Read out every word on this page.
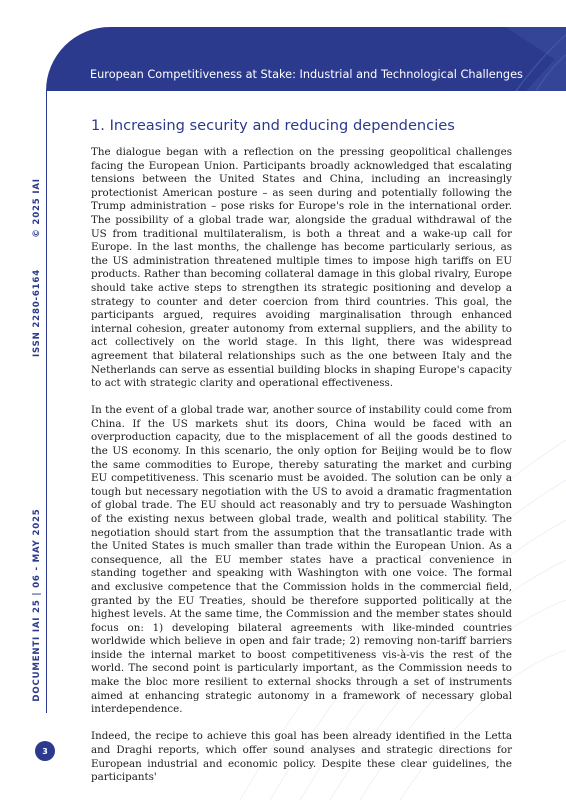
European Competitiveness at Stake: Industrial and Technological Challenges
© 2025 IAI
ISSN 2280-6164
DOCUMENTI IAI 25 | 06 - MAY 2025
3
1. Increasing security and reducing dependencies

The dialogue began with a reflection on the pressing geopolitical challenges facing the European Union. Participants broadly acknowledged that escalating tensions between the United States and China, including an increasingly protectionist American posture – as seen during and potentially following the Trump administration – pose risks for Europe's role in the international order. The possibility of a global trade war, alongside the gradual withdrawal of the US from traditional multilateralism, is both a threat and a wake-up call for Europe. In the last months, the challenge has become particularly serious, as the US administration threatened multiple times to impose high tariffs on EU products. Rather than becoming collateral damage in this global rivalry, Europe should take active steps to strengthen its strategic positioning and develop a strategy to counter and deter coercion from third countries. This goal, the participants argued, requires avoiding marginalisation through enhanced internal cohesion, greater autonomy from external suppliers, and the ability to act collectively on the world stage. In this light, there was widespread agreement that bilateral relationships such as the one between Italy and the Netherlands can serve as essential building blocks in shaping Europe's capacity to act with strategic clarity and operational effectiveness.

In the event of a global trade war, another source of instability could come from China. If the US markets shut its doors, China would be faced with an overproduction capacity, due to the misplacement of all the goods destined to the US economy. In this scenario, the only option for Beijing would be to flow the same commodities to Europe, thereby saturating the market and curbing EU competitiveness. This scenario must be avoided. The solution can be only a tough but necessary negotiation with the US to avoid a dramatic fragmentation of global trade. The EU should act reasonably and try to persuade Washington of the existing nexus between global trade, wealth and political stability. The negotiation should start from the assumption that the transatlantic trade with the United States is much smaller than trade within the European Union. As a consequence, all the EU member states have a practical convenience in standing together and speaking with Washington with one voice. The formal and exclusive competence that the Commission holds in the commercial field, granted by the EU Treaties, should be therefore supported politically at the highest levels. At the same time, the Commission and the member states should focus on: 1) developing bilateral agreements with like-minded countries worldwide which believe in open and fair trade; 2) removing non-tariff barriers inside the internal market to boost competitiveness vis-à-vis the rest of the world. The second point is particularly important, as the Commission needs to make the bloc more resilient to external shocks through a set of instruments aimed at enhancing strategic autonomy in a framework of necessary global interdependence.

Indeed, the recipe to achieve this goal has been already identified in the Letta and Draghi reports, which offer sound analyses and strategic directions for European industrial and economic policy. Despite these clear guidelines, the participants'
